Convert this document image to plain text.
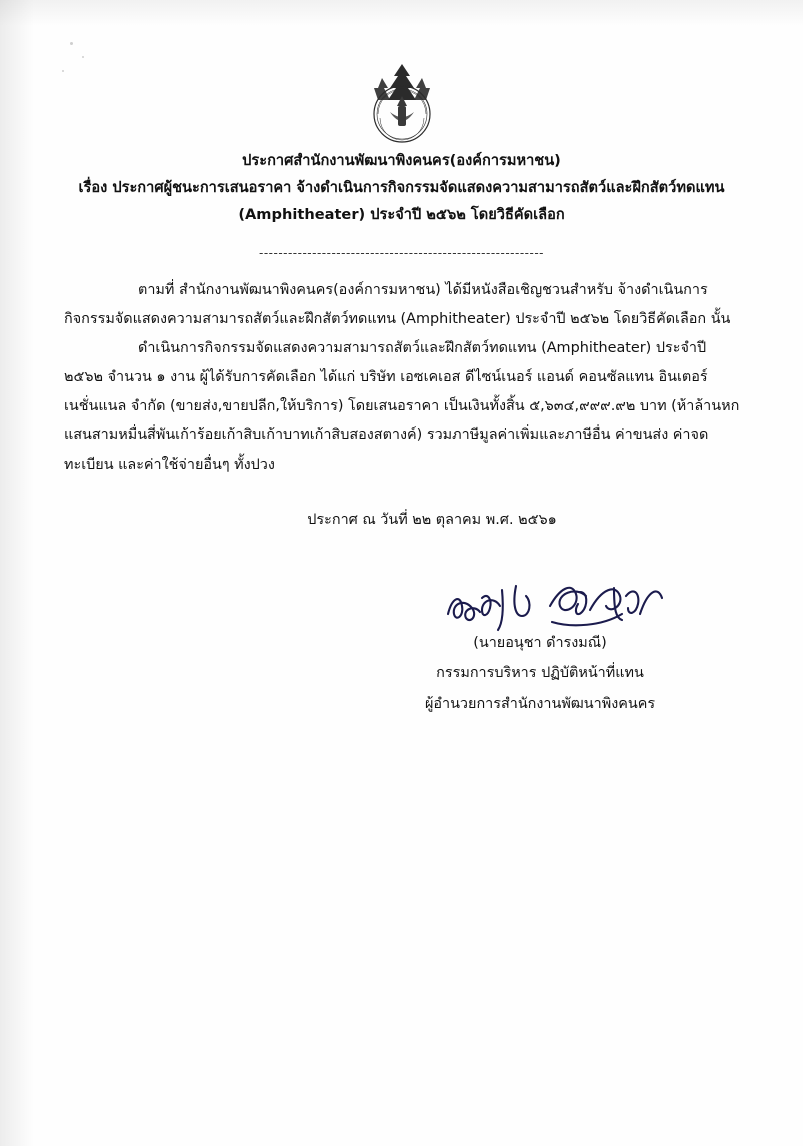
ประกาศสำนักงานพัฒนาพิงคนคร(องค์การมหาชน)
เรื่อง ประกาศผู้ชนะการเสนอราคา จ้างดำเนินการกิจกรรมจัดแสดงความสามารถสัตว์และฝึกสัตว์ทดแทน
(Amphitheater) ประจำปี ๒๕๖๒ โดยวิธีคัดเลือก
-----------------------------------------------------------

ตามที่ สำนักงานพัฒนาพิงคนคร(องค์การมหาชน) ได้มีหนังสือเชิญชวนสำหรับ จ้างดำเนินการกิจกรรมจัดแสดงความสามารถสัตว์และฝึกสัตว์ทดแทน (Amphitheater) ประจำปี ๒๕๖๒ โดยวิธีคัดเลือก นั้น

ดำเนินการกิจกรรมจัดแสดงความสามารถสัตว์และฝึกสัตว์ทดแทน (Amphitheater) ประจำปี ๒๕๖๒ จำนวน ๑ งาน ผู้ได้รับการคัดเลือก ได้แก่ บริษัท เอซเคเอส ดีไซน์เนอร์ แอนด์ คอนซัลแทน อินเตอร์เนชั่นแนล จำกัด (ขายส่ง,ขายปลีก,ให้บริการ) โดยเสนอราคา เป็นเงินทั้งสิ้น ๕,๖๓๔,๙๙๙.๙๒ บาท (ห้าล้านหกแสนสามหมื่นสี่พันเก้าร้อยเก้าสิบเก้าบาทเก้าสิบสองสตางค์) รวมภาษีมูลค่าเพิ่มและภาษีอื่น ค่าขนส่ง ค่าจดทะเบียน และค่าใช้จ่ายอื่นๆ ทั้งปวง

ประกาศ ณ วันที่ ๒๒ ตุลาคม พ.ศ. ๒๕๖๑
(นายอนุชา ดำรงมณี)
กรรมการบริหาร ปฏิบัติหน้าที่แทน
ผู้อำนวยการสำนักงานพัฒนาพิงคนคร
